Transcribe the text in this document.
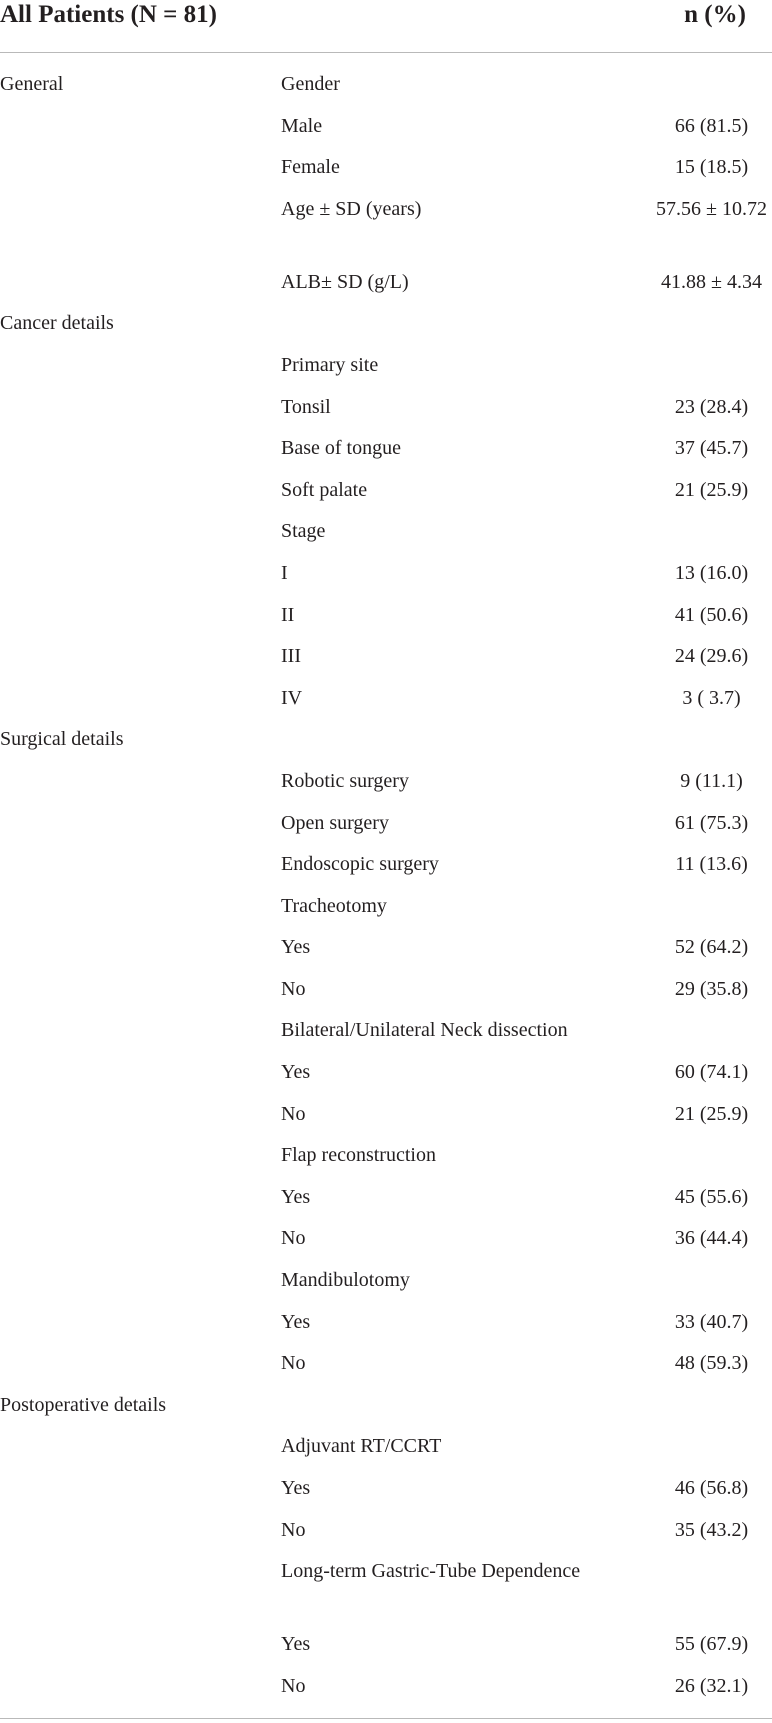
All Patients (N = 81)	n (%)
General	Gender
Male	66 (81.5)
Female	15 (18.5)
Age ± SD (years)	57.56 ± 10.72
ALB± SD (g/L)	41.88 ± 4.34
Cancer details
Primary site
Tonsil	23 (28.4)
Base of tongue	37 (45.7)
Soft palate	21 (25.9)
Stage
I	13 (16.0)
II	41 (50.6)
III	24 (29.6)
IV	3 ( 3.7)
Surgical details
Robotic surgery	9 (11.1)
Open surgery	61 (75.3)
Endoscopic surgery	11 (13.6)
Tracheotomy
Yes	52 (64.2)
No	29 (35.8)
Bilateral/Unilateral Neck dissection
Yes	60 (74.1)
No	21 (25.9)
Flap reconstruction
Yes	45 (55.6)
No	36 (44.4)
Mandibulotomy
Yes	33 (40.7)
No	48 (59.3)
Postoperative details
Adjuvant RT/CCRT
Yes	46 (56.8)
No	35 (43.2)
Long-term Gastric-Tube Dependence
Yes	55 (67.9)
No	26 (32.1)
